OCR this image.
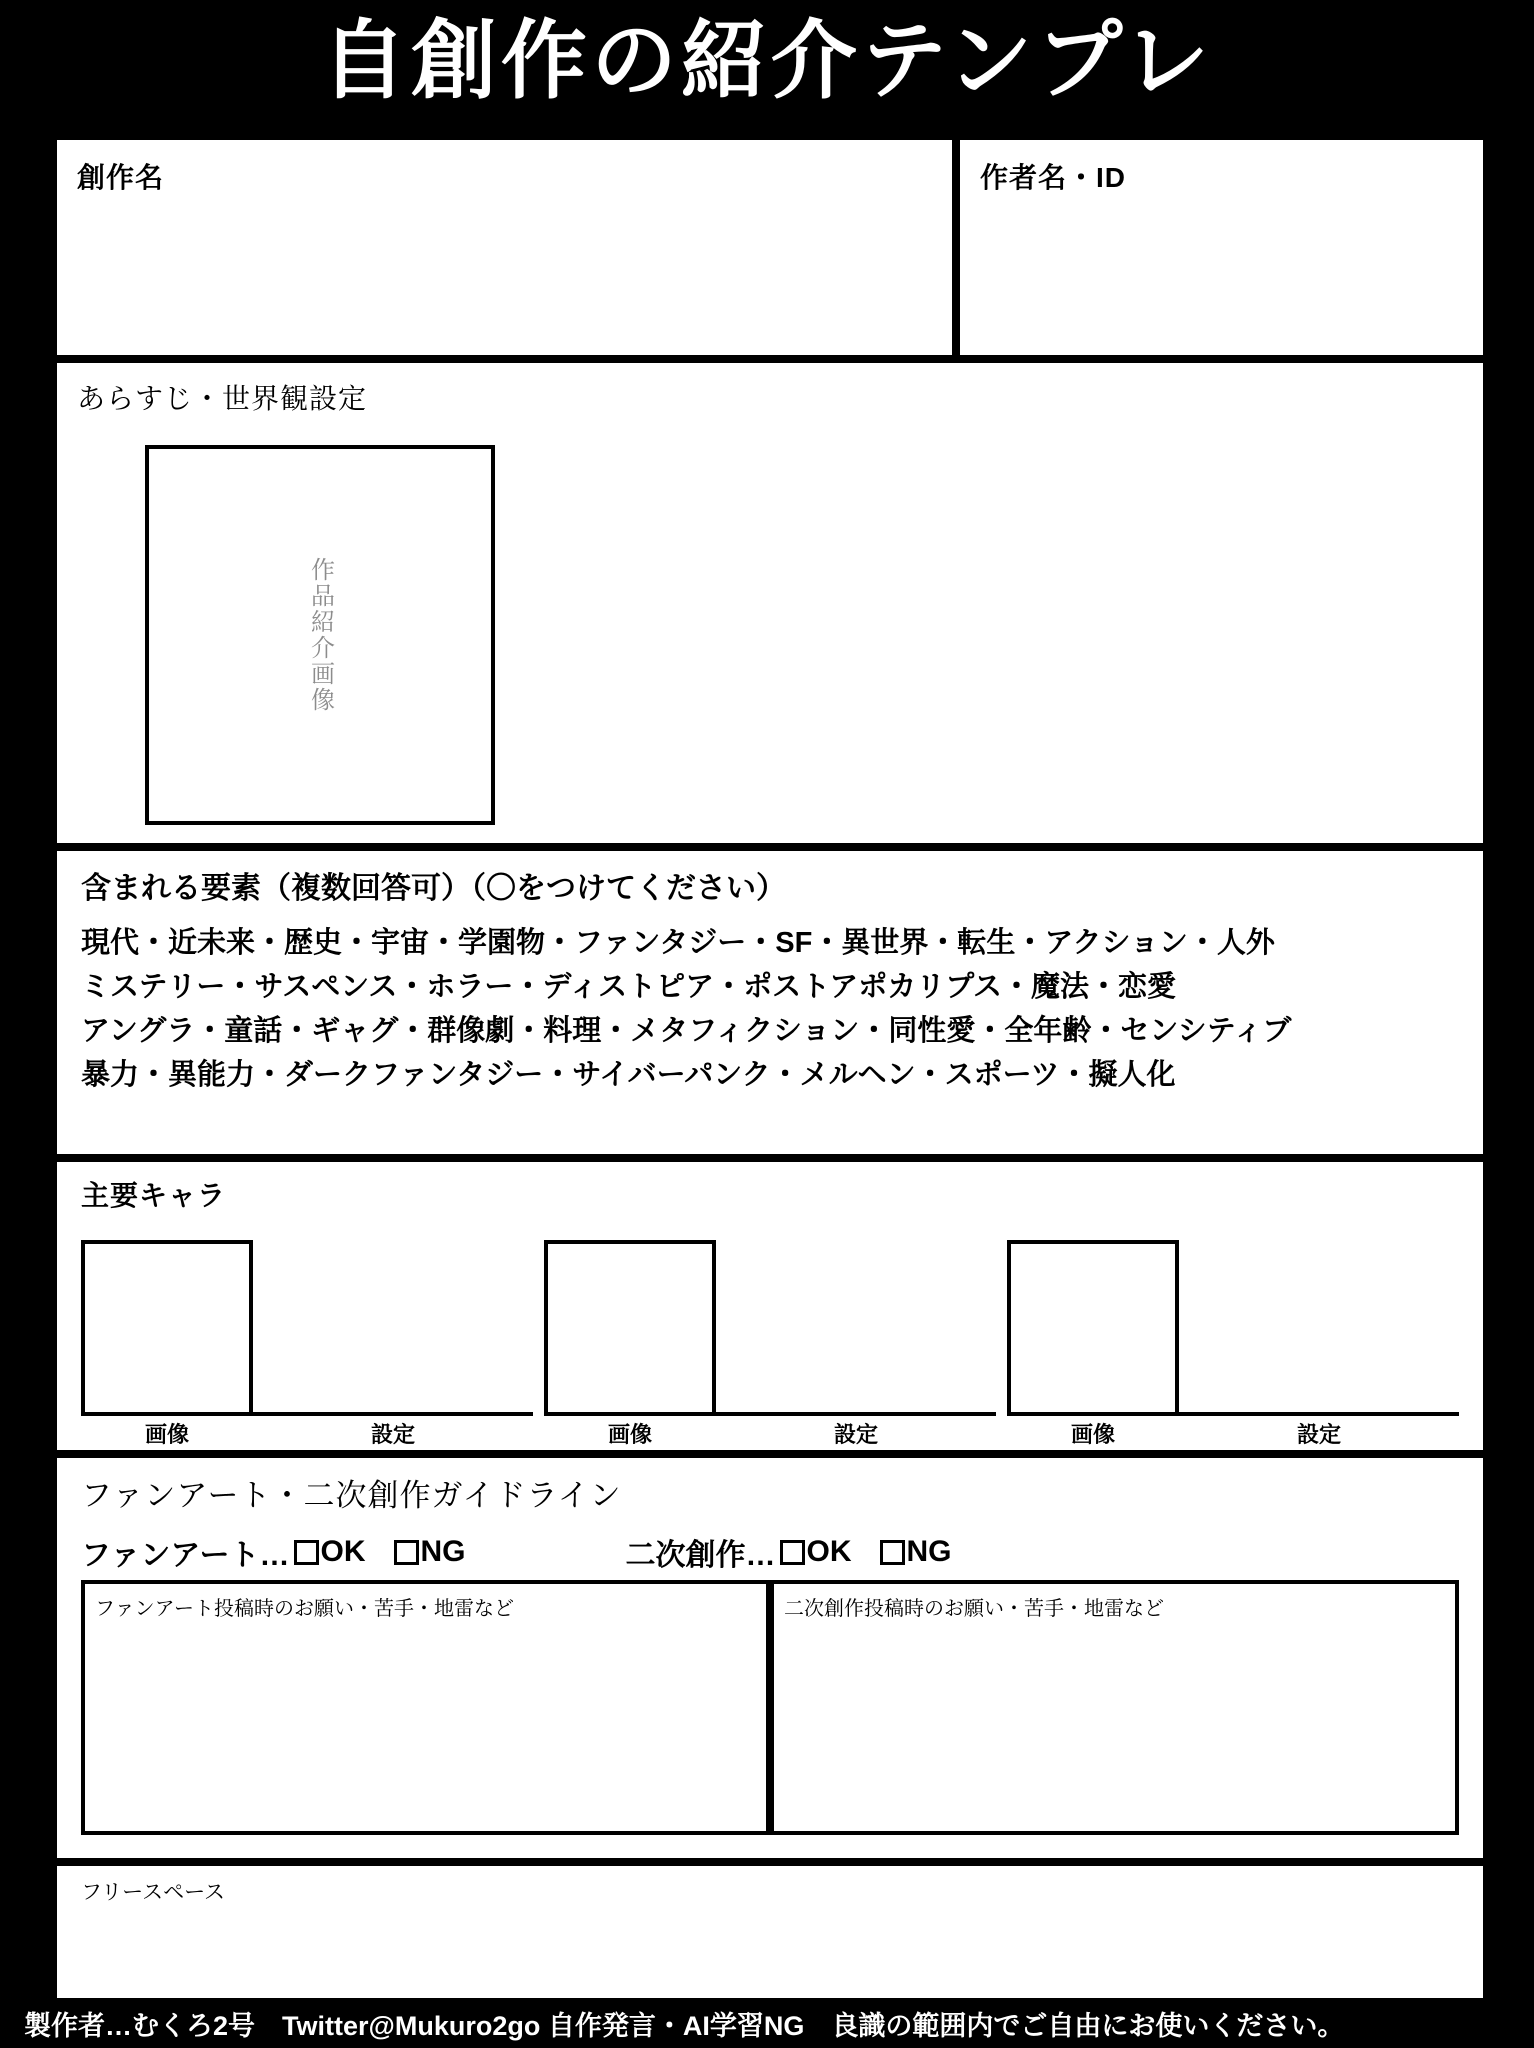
自創作の紹介テンプレ
創作名	作者名・ID
あらすじ・世界観設定
作品紹介画像
含まれる要素（複数回答可）（〇をつけてください）
現代・近未来・歴史・宇宙・学園物・ファンタジー・SF・異世界・転生・アクション・人外
ミステリー・サスペンス・ホラー・ディストピア・ポストアポカリプス・魔法・恋愛
アングラ・童話・ギャグ・群像劇・料理・メタフィクション・同性愛・全年齢・センシティブ
暴力・異能力・ダークファンタジー・サイバーパンク・メルヘン・スポーツ・擬人化
主要キャラ
画像	設定	画像	設定	画像	設定
ファンアート・二次創作ガイドライン
ファンアート… OK NG	二次創作… OK NG
ファンアート投稿時のお願い・苦手・地雷など	二次創作投稿時のお願い・苦手・地雷など
フリースペース
製作者…むくろ2号　Twitter@Mukuro2go 自作発言・AI学習NG　良識の範囲内でご自由にお使いください。
